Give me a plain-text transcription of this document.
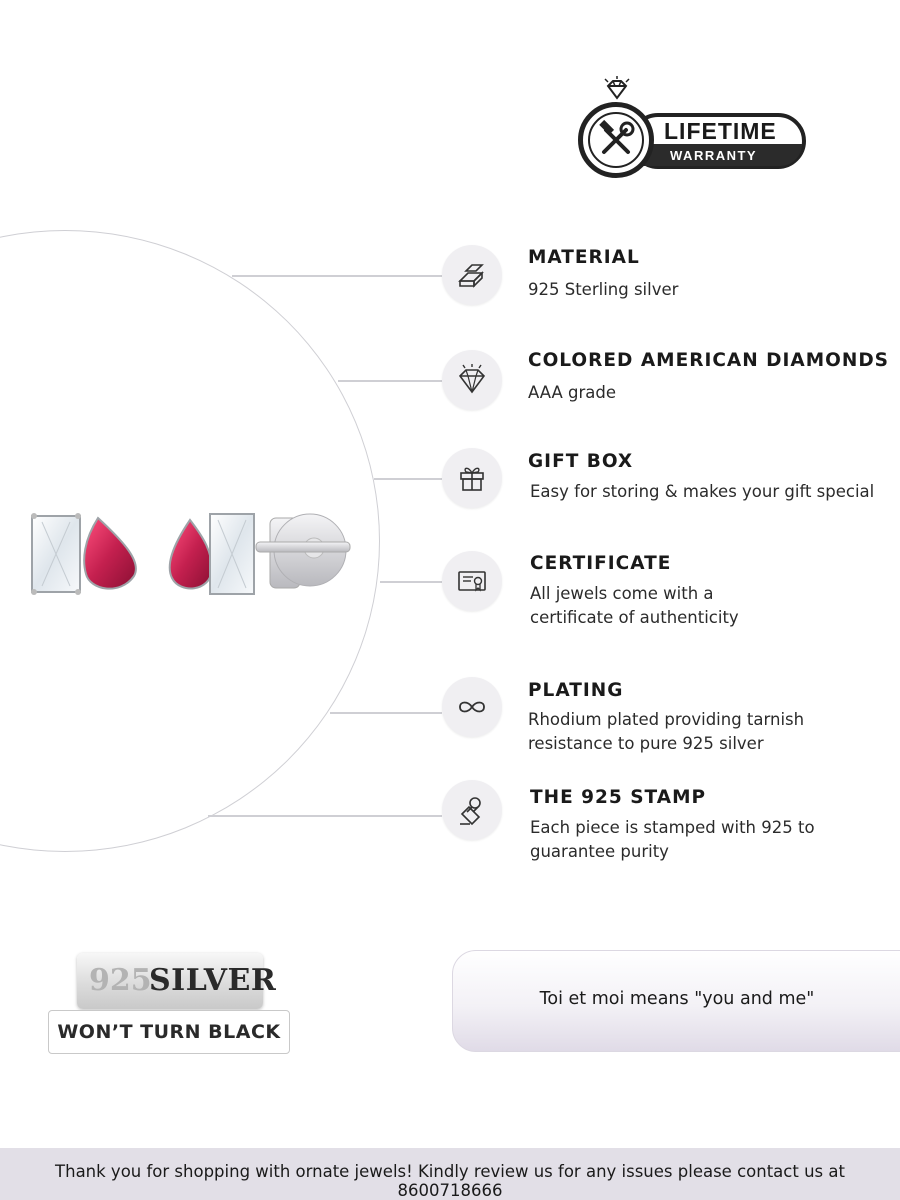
LIFETIME
WARRANTY
MATERIAL
925 Sterling silver
COLORED AMERICAN DIAMONDS
AAA grade
GIFT BOX
Easy for storing & makes your gift special
CERTIFICATE
All jewels come with a
certificate of authenticity
PLATING
Rhodium plated providing tarnish
resistance to pure 925 silver
THE 925 STAMP
Each piece is stamped with 925 to
guarantee purity
925
SILVER
WON’T TURN BLACK
Toi et moi means "you and me"
Thank you for shopping with ornate jewels! Kindly review us for any issues please contact us at 8600718666
